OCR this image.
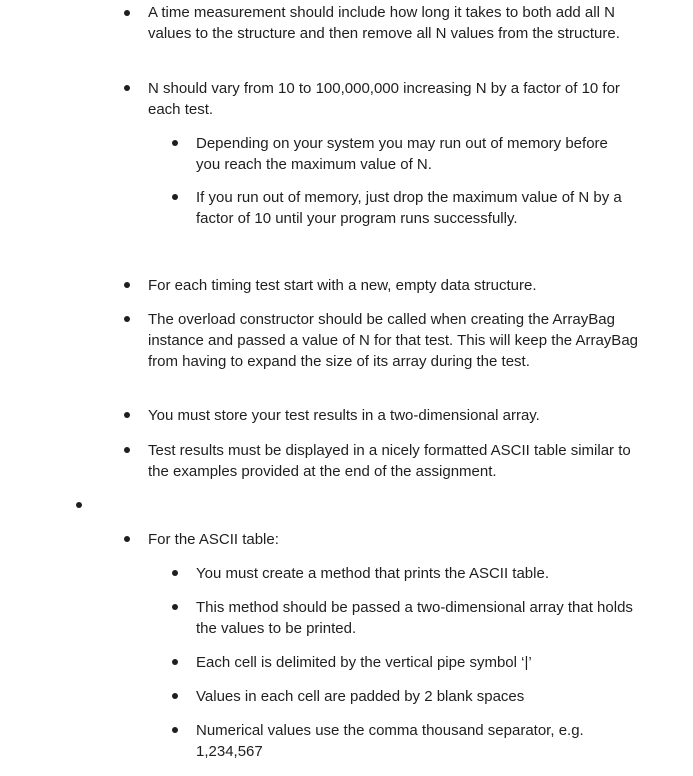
A time measurement should include how long it takes to both add all N values to the structure and then remove all N values from the structure.
N should vary from 10 to 100,000,000 increasing N by a factor of 10 for each test.
Depending on your system you may run out of memory before you reach the maximum value of N.
If you run out of memory, just drop the maximum value of N by a factor of 10 until your program runs successfully.
For each timing test start with a new, empty data structure.
The overload constructor should be called when creating the ArrayBag instance and passed a value of N for that test. This will keep the ArrayBag from having to expand the size of its array during the test.
You must store your test results in a two-dimensional array.
Test results must be displayed in a nicely formatted ASCII table similar to the examples provided at the end of the assignment.
For the ASCII table:
You must create a method that prints the ASCII table.
This method should be passed a two-dimensional array that holds the values to be printed.
Each cell is delimited by the vertical pipe symbol ‘|’
Values in each cell are padded by 2 blank spaces
Numerical values use the comma thousand separator, e.g. 1,234,567
